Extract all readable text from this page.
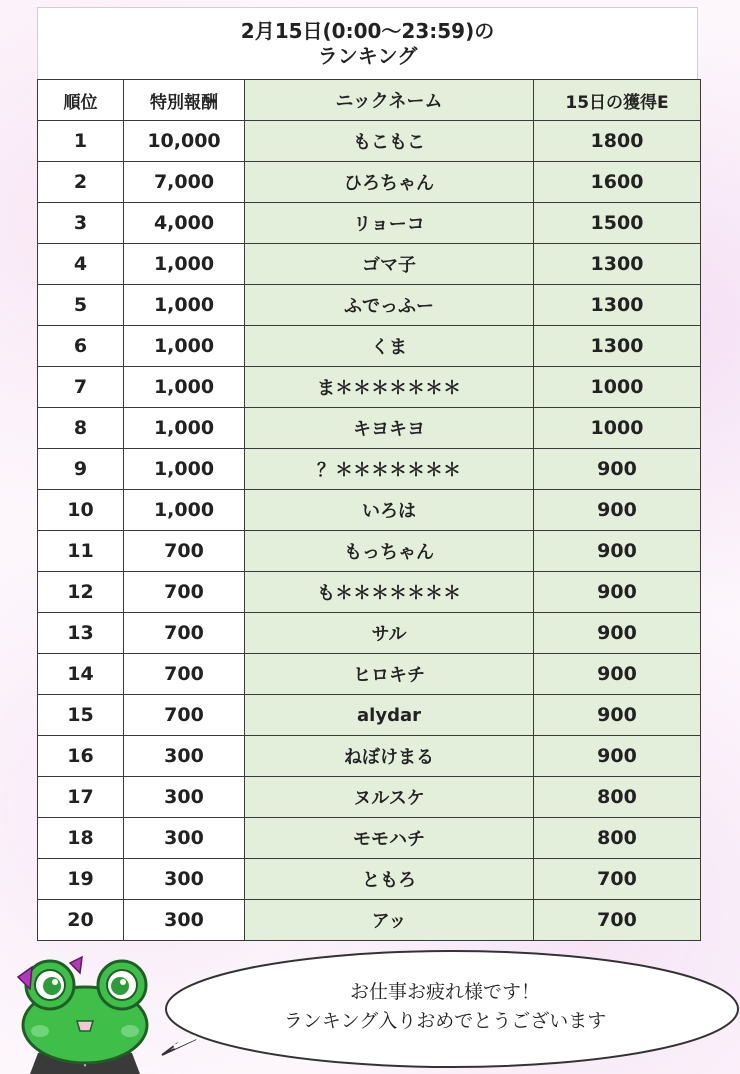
2月15日(0:00〜23:59)の
ランキング
順位	特別報酬	ニックネーム	15日の獲得E
1	10,000	もこもこ	1800
2	7,000	ひろちゃん	1600
3	4,000	リョーコ	1500
4	1,000	ゴマ子	1300
5	1,000	ふでっふー	1300
6	1,000	くま	1300
7	1,000	ま＊＊＊＊＊＊＊	1000
8	1,000	キヨキヨ	1000
9	1,000	？＊＊＊＊＊＊＊	900
10	1,000	いろは	900
11	700	もっちゃん	900
12	700	も＊＊＊＊＊＊＊	900
13	700	サル	900
14	700	ヒロキチ	900
15	700	alydar	900
16	300	ねぼけまる	900
17	300	ヌルスケ	800
18	300	モモハチ	800
19	300	ともろ	700
20	300	アッ	700
お仕事お疲れ様です！
ランキング入りおめでとうございます
